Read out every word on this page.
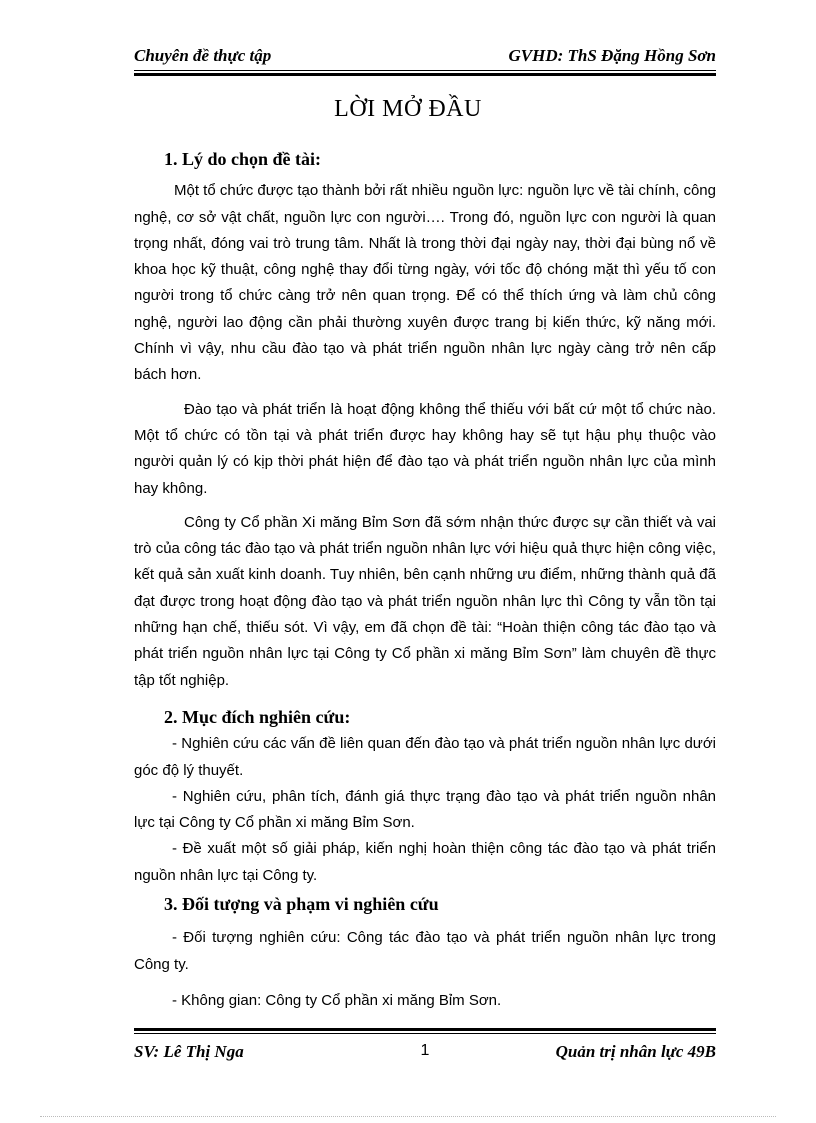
Chuyên đề thực tập	GVHD: ThS Đặng Hồng Sơn
LỜI MỞ ĐẦU

1. Lý do chọn đề tài:

Một tổ chức được tạo thành bởi rất nhiều nguồn lực: nguồn lực về tài chính, công nghệ, cơ sở vật chất, nguồn lực con người…. Trong đó, nguồn lực con người là quan trọng nhất, đóng vai trò trung tâm. Nhất là trong thời đại ngày nay, thời đại bùng nổ về khoa học kỹ thuật, công nghệ thay đổi từng ngày, với tốc độ chóng mặt thì yếu tố con người trong tổ chức càng trở nên quan trọng. Để có thể thích ứng và làm chủ công nghệ, người lao động cần phải thường xuyên được trang bị kiến thức, kỹ năng mới. Chính vì vậy, nhu cầu đào tạo và phát triển nguồn nhân lực ngày càng trở nên cấp bách hơn.

Đào tạo và phát triển là hoạt động không thể thiếu với bất cứ một tổ chức nào. Một tổ chức có tồn tại và phát triển được hay không hay sẽ tụt hậu phụ thuộc vào người quản lý có kịp thời phát hiện để đào tạo và phát triển nguồn nhân lực của mình hay không.

Công ty Cổ phần Xi măng Bỉm Sơn đã sớm nhận thức được sự cần thiết và vai trò của công tác đào tạo và phát triển nguồn nhân lực với hiệu quả thực hiện công việc, kết quả sản xuất kinh doanh. Tuy nhiên, bên cạnh những ưu điểm, những thành quả đã đạt được trong hoạt động đào tạo và phát triển nguồn nhân lực thì Công ty vẫn tồn tại những hạn chế, thiếu sót. Vì vậy, em đã chọn đề tài: “Hoàn thiện công tác đào tạo và phát triển nguồn nhân lực tại Công ty Cổ phần xi măng Bỉm Sơn” làm chuyên đề thực tập tốt nghiệp.

2. Mục đích nghiên cứu:

- Nghiên cứu các vấn đề liên quan đến đào tạo và phát triển nguồn nhân lực dưới góc độ lý thuyết.

- Nghiên cứu, phân tích, đánh giá thực trạng đào tạo và phát triển nguồn nhân lực tại Công ty Cổ phần xi măng Bỉm Sơn.

- Đề xuất một số giải pháp, kiến nghị hoàn thiện công tác đào tạo và phát triển nguồn nhân lực tại Công ty.

3. Đối tượng và phạm vi nghiên cứu

- Đối tượng nghiên cứu: Công tác đào tạo và phát triển nguồn nhân lực trong Công ty.

- Không gian: Công ty Cổ phần xi măng Bỉm Sơn.

SV: Lê Thị Nga	1	Quản trị nhân lực 49B
